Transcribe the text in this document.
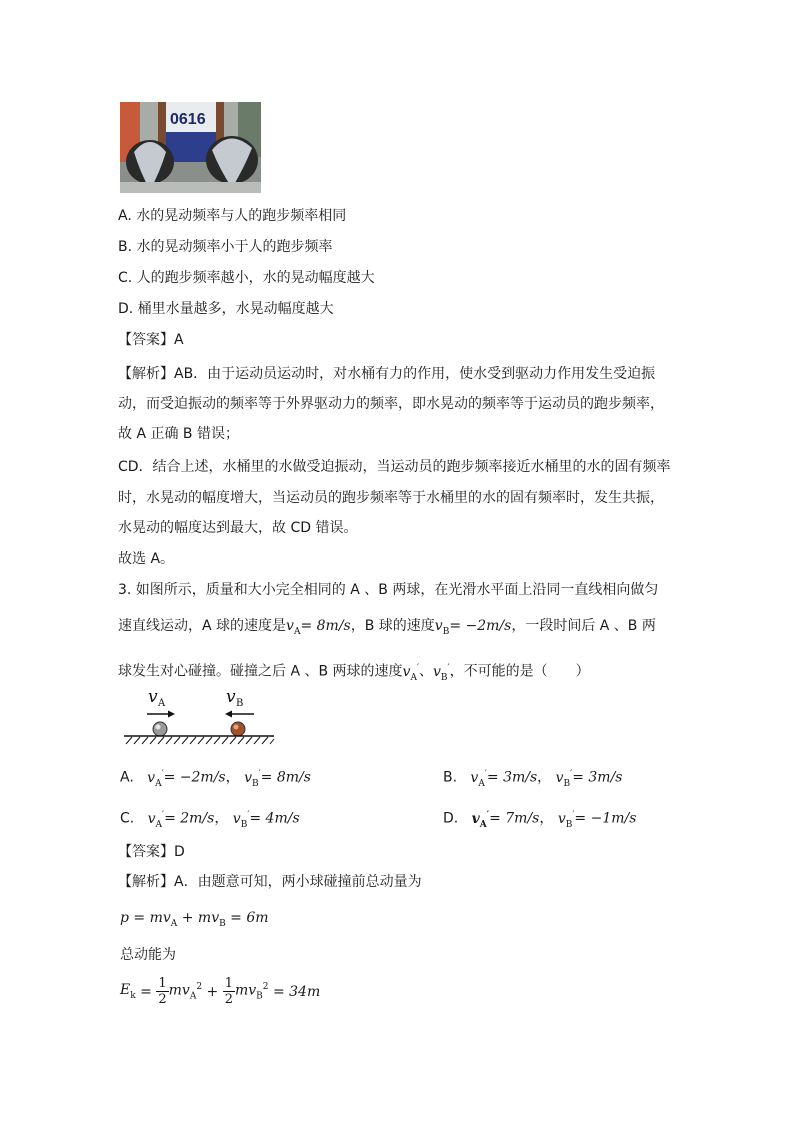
0616
A. 水的晃动频率与人的跑步频率相同
B. 水的晃动频率小于人的跑步频率
C. 人的跑步频率越小，水的晃动幅度越大
D. 桶里水量越多，水晃动幅度越大
【答案】A
【解析】AB．由于运动员运动时，对水桶有力的作用，使水受到驱动力作用发生受迫振
动，而受迫振动的频率等于外界驱动力的频率，即水晃动的频率等于运动员的跑步频率，
故 A 正确 B 错误；
CD．结合上述，水桶里的水做受迫振动，当运动员的跑步频率接近水桶里的水的固有频率
时，水晃动的幅度增大，当运动员的跑步频率等于水桶里的水的固有频率时，发生共振，
水晃动的幅度达到最大，故 CD 错误。
故选 A。
3. 如图所示，质量和大小完全相同的 A 、B 两球，在光滑水平面上沿同一直线相向做匀
速直线运动，A 球的速度是$v_A= 8m/s$，B 球的速度$v_B= -2m/s$，一段时间后 A 、B 两
球发生对心碰撞。碰撞之后 A 、B 两球的速度$v_A'$、$v_B'$，不可能的是（　　）
v A	v B
A. $v_A'= -2m/s$， $v_B'= 8m/s$	B. $v_A'= 3m/s$， $v_B'= 3m/s$
C. $v_A'= 2m/s$， $v_B'= 4m/s$	D. $v_A'= 7m/s$， $v_B'= -1m/s$
【答案】D
【解析】A．由题意可知，两小球碰撞前总动量为
$p = mv_A + mv_B = 6m$
总动能为
$E_k = \frac{1}{2} mv_A^2 + \frac{1}{2} mv_B^2 = 34m$
